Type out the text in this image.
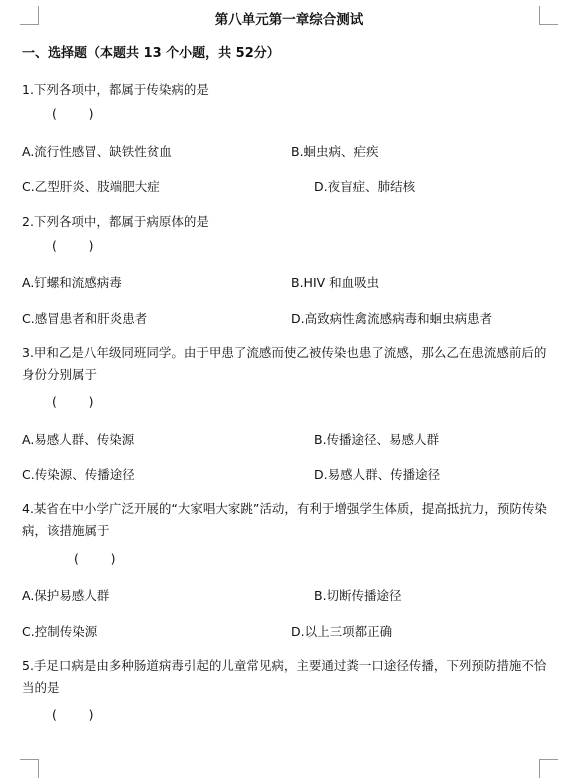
第八单元第一章综合测试
一、选择题（本题共 13 个小题，共 52分）
1.下列各项中，都属于传染病的是
(        )
A.流行性感冒、缺铁性贫血	B.蛔虫病、疟疾
C.乙型肝炎、肢端肥大症	D.夜盲症、肺结核
2.下列各项中，都属于病原体的是
(        )
A.钉螺和流感病毒	B.HIV 和血吸虫
C.感冒患者和肝炎患者	D.高致病性禽流感病毒和蛔虫病患者
3.甲和乙是八年级同班同学。由于甲患了流感而使乙被传染也患了流感，那么乙在患流感前后的身份分别属于
(        )
A.易感人群、传染源	B.传播途径、易感人群
C.传染源、传播途径	D.易感人群、传播途径
4.某省在中小学广泛开展的“大家唱大家跳”活动，有利于增强学生体质，提高抵抗力，预防传染病，该措施属于
(        )
A.保护易感人群	B.切断传播途径
C.控制传染源	D.以上三项都正确
5.手足口病是由多种肠道病毒引起的儿童常见病，主要通过粪一口途径传播，下列预防措施不恰当的是
(        )
